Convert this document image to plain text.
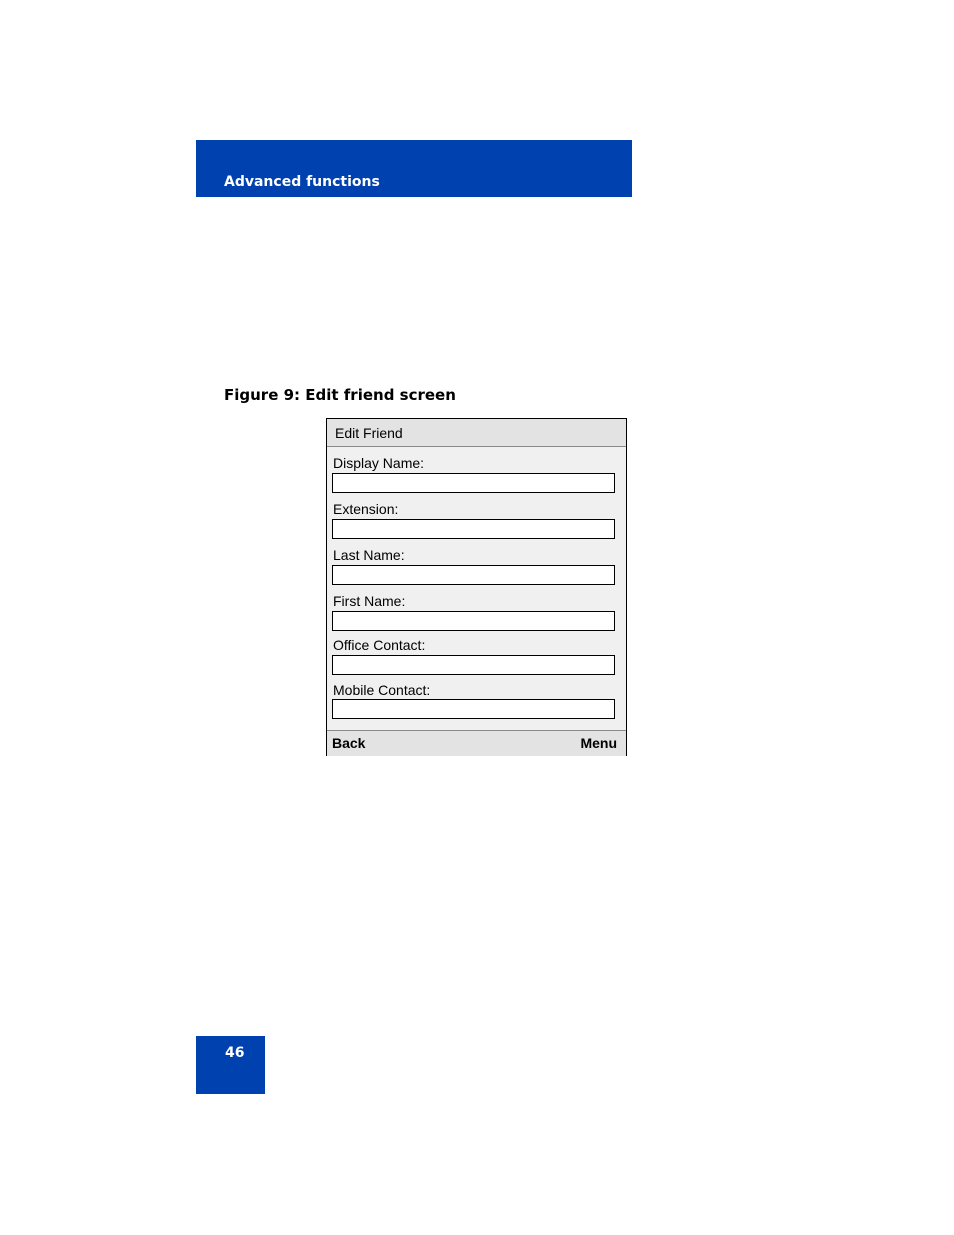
Advanced functions
Figure 9: Edit friend screen
Edit Friend
Display Name:
Extension:
Last Name:
First Name:
Office Contact:
Mobile Contact:
Back	Menu
46
